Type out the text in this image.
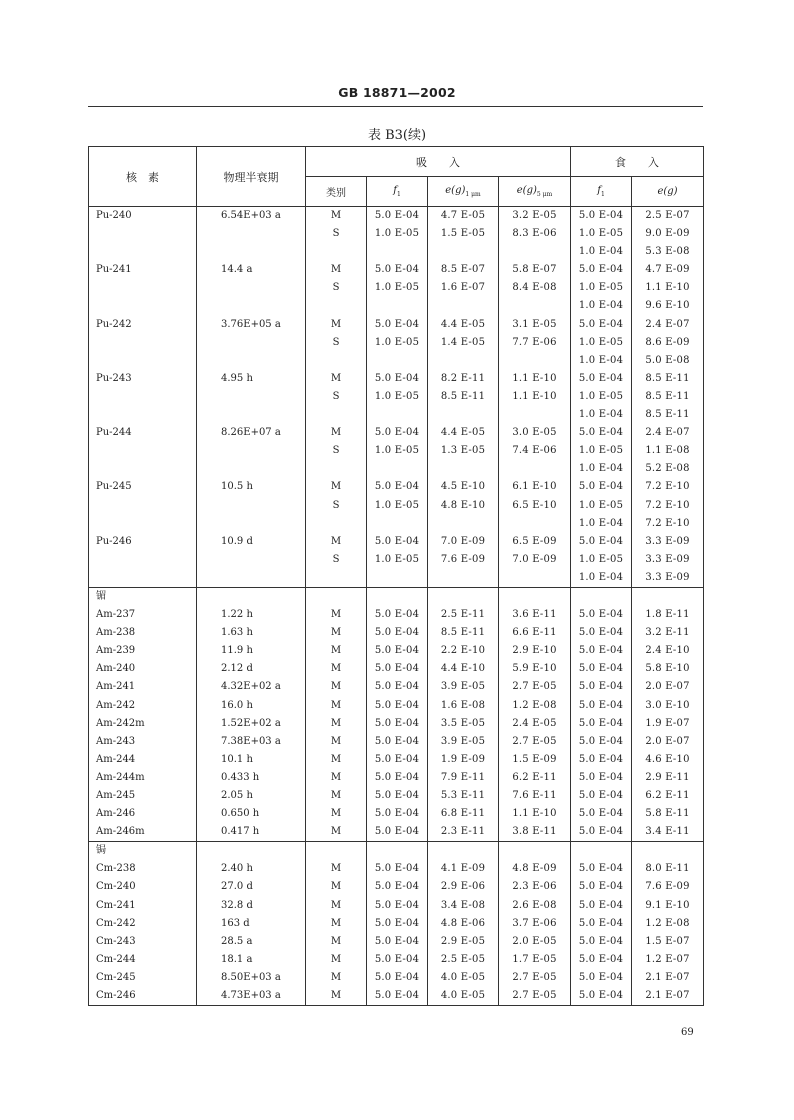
GB 18871—2002
表 B3(续)
核　素	物理半衰期	吸　　入				食　　入	
		类别	$f_1$	$e(g)_{1 \mu m}$	$e(g)_{5 \mu m}$	$f_1$	e(g)
Pu-240	6.54E+03 a	M	5.0 E-04	4.7 E-05	3.2 E-05	5.0 E-04	2.5 E-07
		S	1.0 E-05	1.5 E-05	8.3 E-06	1.0 E-05	9.0 E-09
						1.0 E-04	5.3 E-08
Pu-241	14.4 a	M	5.0 E-04	8.5 E-07	5.8 E-07	5.0 E-04	4.7 E-09
		S	1.0 E-05	1.6 E-07	8.4 E-08	1.0 E-05	1.1 E-10
						1.0 E-04	9.6 E-10
Pu-242	3.76E+05 a	M	5.0 E-04	4.4 E-05	3.1 E-05	5.0 E-04	2.4 E-07
		S	1.0 E-05	1.4 E-05	7.7 E-06	1.0 E-05	8.6 E-09
						1.0 E-04	5.0 E-08
Pu-243	4.95 h	M	5.0 E-04	8.2 E-11	1.1 E-10	5.0 E-04	8.5 E-11
		S	1.0 E-05	8.5 E-11	1.1 E-10	1.0 E-05	8.5 E-11
						1.0 E-04	8.5 E-11
Pu-244	8.26E+07 a	M	5.0 E-04	4.4 E-05	3.0 E-05	5.0 E-04	2.4 E-07
		S	1.0 E-05	1.3 E-05	7.4 E-06	1.0 E-05	1.1 E-08
						1.0 E-04	5.2 E-08
Pu-245	10.5 h	M	5.0 E-04	4.5 E-10	6.1 E-10	5.0 E-04	7.2 E-10
		S	1.0 E-05	4.8 E-10	6.5 E-10	1.0 E-05	7.2 E-10
						1.0 E-04	7.2 E-10
Pu-246	10.9 d	M	5.0 E-04	7.0 E-09	6.5 E-09	5.0 E-04	3.3 E-09
		S	1.0 E-05	7.6 E-09	7.0 E-09	1.0 E-05	3.3 E-09
						1.0 E-04	3.3 E-09
镅							
Am-237	1.22 h	M	5.0 E-04	2.5 E-11	3.6 E-11	5.0 E-04	1.8 E-11
Am-238	1.63 h	M	5.0 E-04	8.5 E-11	6.6 E-11	5.0 E-04	3.2 E-11
Am-239	11.9 h	M	5.0 E-04	2.2 E-10	2.9 E-10	5.0 E-04	2.4 E-10
Am-240	2.12 d	M	5.0 E-04	4.4 E-10	5.9 E-10	5.0 E-04	5.8 E-10
Am-241	4.32E+02 a	M	5.0 E-04	3.9 E-05	2.7 E-05	5.0 E-04	2.0 E-07
Am-242	16.0 h	M	5.0 E-04	1.6 E-08	1.2 E-08	5.0 E-04	3.0 E-10
Am-242m	1.52E+02 a	M	5.0 E-04	3.5 E-05	2.4 E-05	5.0 E-04	1.9 E-07
Am-243	7.38E+03 a	M	5.0 E-04	3.9 E-05	2.7 E-05	5.0 E-04	2.0 E-07
Am-244	10.1 h	M	5.0 E-04	1.9 E-09	1.5 E-09	5.0 E-04	4.6 E-10
Am-244m	0.433 h	M	5.0 E-04	7.9 E-11	6.2 E-11	5.0 E-04	2.9 E-11
Am-245	2.05 h	M	5.0 E-04	5.3 E-11	7.6 E-11	5.0 E-04	6.2 E-11
Am-246	0.650 h	M	5.0 E-04	6.8 E-11	1.1 E-10	5.0 E-04	5.8 E-11
Am-246m	0.417 h	M	5.0 E-04	2.3 E-11	3.8 E-11	5.0 E-04	3.4 E-11
锔							
Cm-238	2.40 h	M	5.0 E-04	4.1 E-09	4.8 E-09	5.0 E-04	8.0 E-11
Cm-240	27.0 d	M	5.0 E-04	2.9 E-06	2.3 E-06	5.0 E-04	7.6 E-09
Cm-241	32.8 d	M	5.0 E-04	3.4 E-08	2.6 E-08	5.0 E-04	9.1 E-10
Cm-242	163 d	M	5.0 E-04	4.8 E-06	3.7 E-06	5.0 E-04	1.2 E-08
Cm-243	28.5 a	M	5.0 E-04	2.9 E-05	2.0 E-05	5.0 E-04	1.5 E-07
Cm-244	18.1 a	M	5.0 E-04	2.5 E-05	1.7 E-05	5.0 E-04	1.2 E-07
Cm-245	8.50E+03 a	M	5.0 E-04	4.0 E-05	2.7 E-05	5.0 E-04	2.1 E-07
Cm-246	4.73E+03 a	M	5.0 E-04	4.0 E-05	2.7 E-05	5.0 E-04	2.1 E-07
69
